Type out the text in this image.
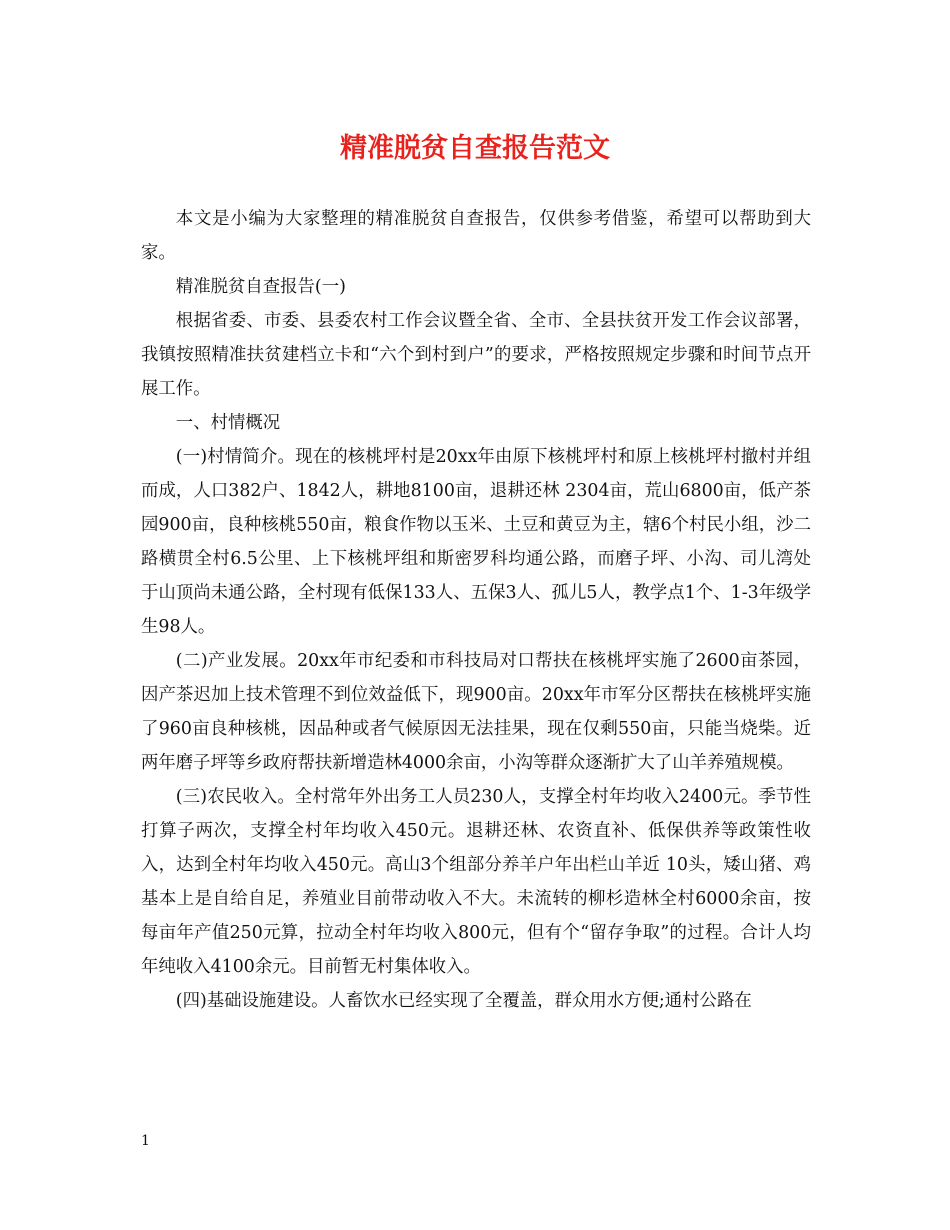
精准脱贫自查报告范文

本文是小编为大家整理的精准脱贫自查报告，仅供参考借鉴，希望可以帮助到大家。

精准脱贫自查报告(一)

根据省委、市委、县委农村工作会议暨全省、全市、全县扶贫开发工作会议部署，我镇按照精准扶贫建档立卡和“六个到村到户”的要求，严格按照规定步骤和时间节点开展工作。

一、村情概况

(一)村情简介。现在的核桃坪村是20xx年由原下核桃坪村和原上核桃坪村撤村并组而成，人口382户、1842人，耕地8100亩，退耕还林 2304亩，荒山6800亩，低产茶园900亩，良种核桃550亩，粮食作物以玉米、土豆和黄豆为主，辖6个村民小组，沙二路横贯全村6.5公里、上下核桃坪组和斯密罗科均通公路，而磨子坪、小沟、司儿湾处于山顶尚未通公路，全村现有低保133人、五保3人、孤儿5人，教学点1个、1-3年级学生98人。

(二)产业发展。20xx年市纪委和市科技局对口帮扶在核桃坪实施了2600亩茶园，因产茶迟加上技术管理不到位效益低下，现900亩。20xx年市军分区帮扶在核桃坪实施了960亩良种核桃，因品种或者气候原因无法挂果，现在仅剩550亩，只能当烧柴。近两年磨子坪等乡政府帮扶新增造林4000余亩，小沟等群众逐渐扩大了山羊养殖规模。

(三)农民收入。全村常年外出务工人员230人，支撑全村年均收入2400元。季节性打算子两次，支撑全村年均收入450元。退耕还林、农资直补、低保供养等政策性收入，达到全村年均收入450元。高山3个组部分养羊户年出栏山羊近 10头，矮山猪、鸡基本上是自给自足，养殖业目前带动收入不大。未流转的柳杉造林全村6000余亩，按每亩年产值250元算，拉动全村年均收入800元，但有个“留存争取”的过程。合计人均年纯收入4100余元。目前暂无村集体收入。

(四)基础设施建设。人畜饮水已经实现了全覆盖，群众用水方便;通村公路在

1
